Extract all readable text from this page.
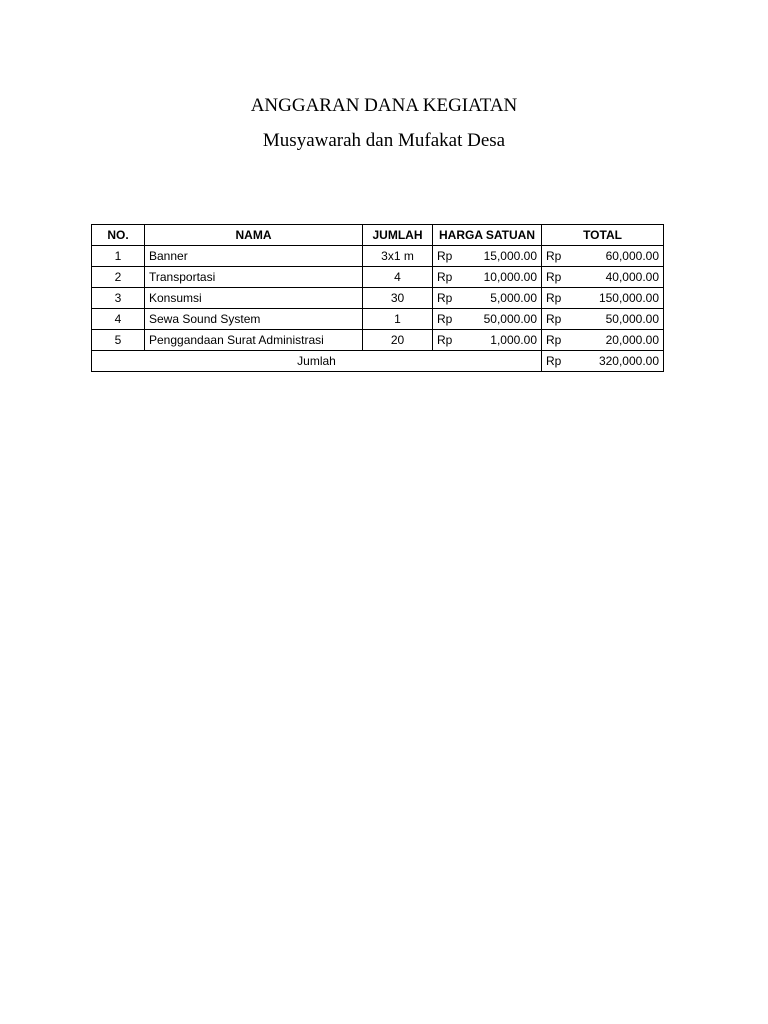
ANGGARAN DANA KEGIATAN
Musyawarah dan Mufakat Desa
NO.	NAMA	JUMLAH	HARGA SATUAN		TOTAL	
1	Banner	3x1 m	Rp	15,000.00	Rp	60,000.00
2	Transportasi	4	Rp	10,000.00	Rp	40,000.00
3	Konsumsi	30	Rp	5,000.00	Rp	150,000.00
4	Sewa Sound System	1	Rp	50,000.00	Rp	50,000.00
5	Penggandaan Surat Administrasi	20	Rp	1,000.00	Rp	20,000.00
Jumlah					Rp	320,000.00
